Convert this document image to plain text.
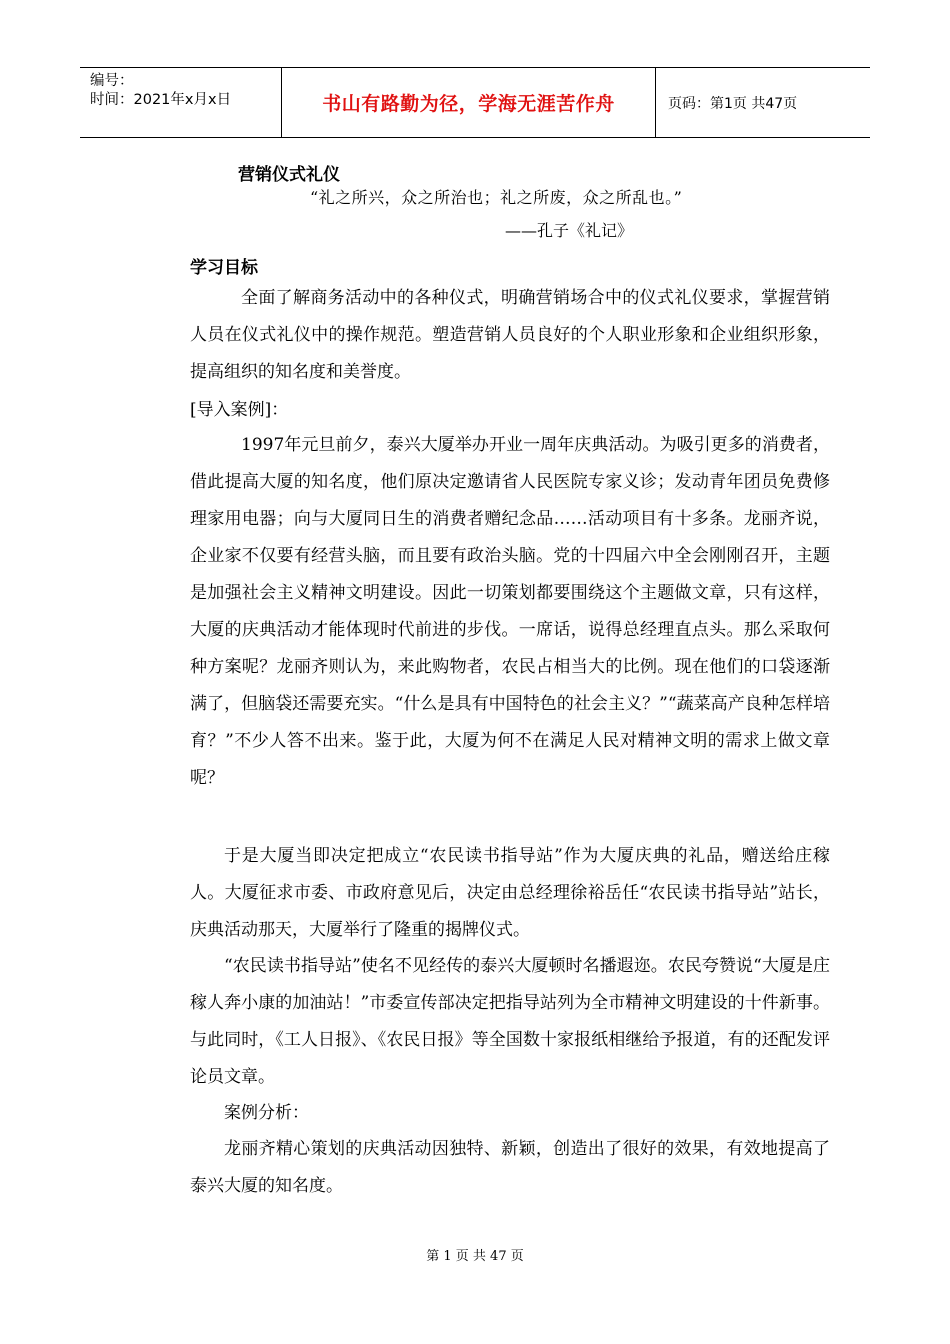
编号：
时间：2021年x月x日	书山有路勤为径，学海无涯苦作舟	页码：第1页 共47页
营销仪式礼仪
“礼之所兴，众之所治也；礼之所废，众之所乱也。”
——孔子《礼记》
学习目标

全面了解商务活动中的各种仪式，明确营销场合中的仪式礼仪要求，掌握营销人员在仪式礼仪中的操作规范。塑造营销人员良好的个人职业形象和企业组织形象，提高组织的知名度和美誉度。

[导入案例]：

1997年元旦前夕，泰兴大厦举办开业一周年庆典活动。为吸引更多的消费者，借此提高大厦的知名度，他们原决定邀请省人民医院专家义诊；发动青年团员免费修理家用电器；向与大厦同日生的消费者赠纪念品……活动项目有十多条。龙丽齐说，企业家不仅要有经营头脑，而且要有政治头脑。党的十四届六中全会刚刚召开，主题是加强社会主义精神文明建设。因此一切策划都要围绕这个主题做文章，只有这样，大厦的庆典活动才能体现时代前进的步伐。一席话，说得总经理直点头。那么采取何种方案呢？龙丽齐则认为，来此购物者，农民占相当大的比例。现在他们的口袋逐渐满了，但脑袋还需要充实。“什么是具有中国特色的社会主义？”“蔬菜高产良种怎样培育？”不少人答不出来。鉴于此，大厦为何不在满足人民对精神文明的需求上做文章呢？

于是大厦当即决定把成立“农民读书指导站”作为大厦庆典的礼品，赠送给庄稼人。大厦征求市委、市政府意见后，决定由总经理徐裕岳任“农民读书指导站”站长，庆典活动那天，大厦举行了隆重的揭牌仪式。

“农民读书指导站”使名不见经传的泰兴大厦顿时名播遐迩。农民夸赞说“大厦是庄稼人奔小康的加油站！”市委宣传部决定把指导站列为全市精神文明建设的十件新事。与此同时，《工人日报》、《农民日报》等全国数十家报纸相继给予报道，有的还配发评论员文章。

案例分析：

龙丽齐精心策划的庆典活动因独特、新颖，创造出了很好的效果，有效地提高了泰兴大厦的知名度。

第 1 页 共 47 页
